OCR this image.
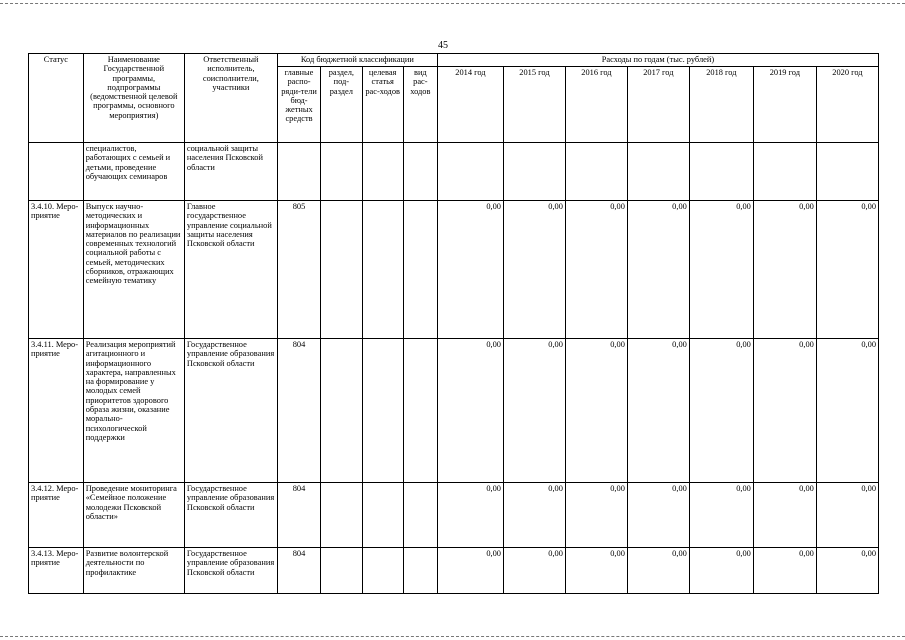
45
Статус	Наименование Государственной программы, подпрограммы (ведомственной целевой программы, основного мероприятия)	Ответственный исполнитель, соисполнители, участники	Код бюджетной классификации				Расходы по годам (тыс. рублей)						
			главные распо-ряди-тели бюд-жетных средств	раздел, под-раздел	целевая статья рас-ходов	вид рас-ходов	2014 год	2015 год	2016 год	2017 год	2018 год	2019 год	2020 год
	специалистов, работающих с семьей и детьми, проведение обучающих семинаров	социальной защиты населения Псковской области											
3.4.10. Меро-приятие	Выпуск научно-методических и информационных материалов по реализации современных технологий социальной работы с семьей, методических сборников, отражающих семейную тематику	Главное государственное управление социальной защиты населения Псковской области	805				0,00	0,00	0,00	0,00	0,00	0,00	0,00
3.4.11. Меро-приятие	Реализация мероприятий агитационного и информационного характера, направленных на формирование у молодых семей приоритетов здорового образа жизни, оказание морально-психологической поддержки	Государственное управление образования Псковской области	804				0,00	0,00	0,00	0,00	0,00	0,00	0,00
3.4.12. Меро-приятие	Проведение мониторинга «Семейное положение молодежи Псковской области»	Государственное управление образования Псковской области	804				0,00	0,00	0,00	0,00	0,00	0,00	0,00
3.4.13. Меро-приятие	Развитие волонтерской деятельности по профилактике	Государственное управление образования Псковской области	804				0,00	0,00	0,00	0,00	0,00	0,00	0,00
